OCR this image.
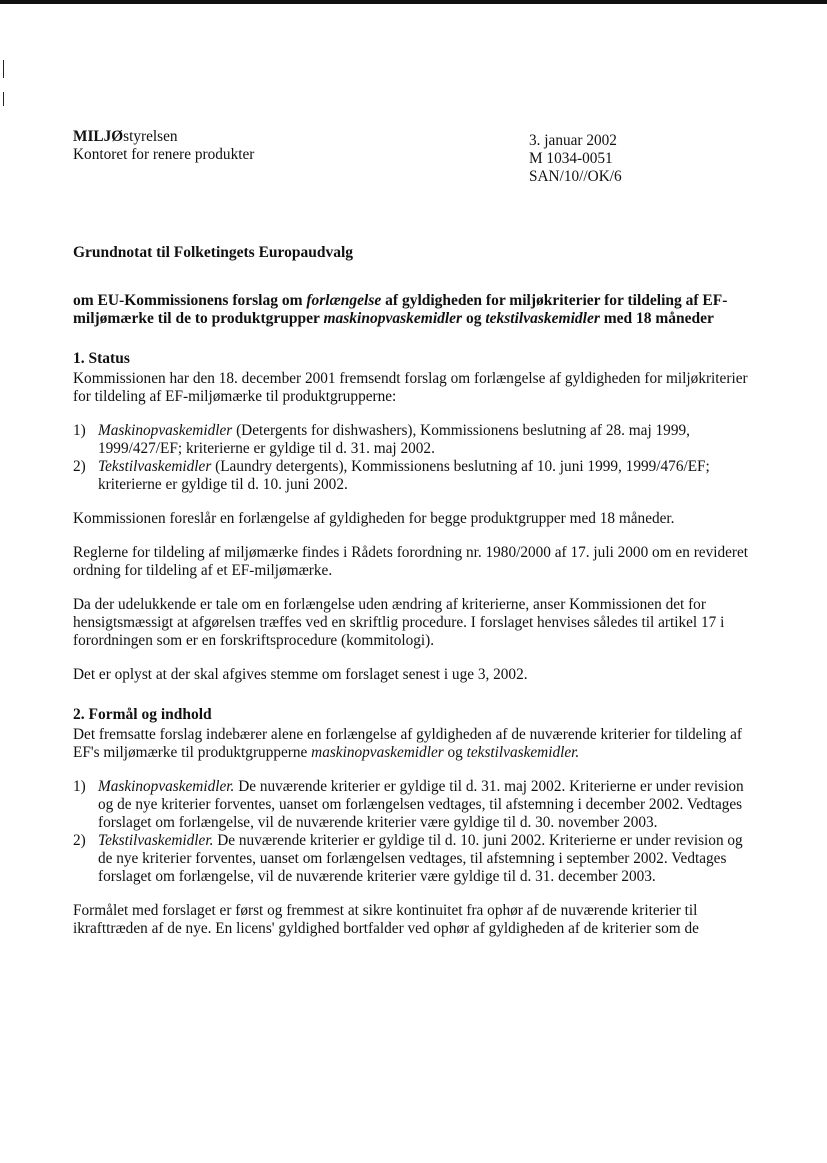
MILJØstyrelsen
Kontoret for renere produkter
3. januar 2002
M 1034-0051
SAN/10//OK/6
Grundnotat til Folketingets Europaudvalg
om EU-Kommissionens forslag om forlængelse af gyldigheden for miljøkriterier for tildeling af EF-miljømærke til de to produktgrupper maskinopvaskemidler og tekstilvaskemidler med 18 måneder
1. Status

Kommissionen har den 18. december 2001 fremsendt forslag om forlængelse af gyldigheden for miljøkriterier for tildeling af EF-miljømærke til produktgrupperne:

1) Maskinopvaskemidler (Detergents for dishwashers), Kommissionens beslutning af 28. maj 1999, 1999/427/EF; kriterierne er gyldige til d. 31. maj 2002.
2) Tekstilvaskemidler (Laundry detergents), Kommissionens beslutning af 10. juni 1999, 1999/476/EF; kriterierne er gyldige til d. 10. juni 2002.

Kommissionen foreslår en forlængelse af gyldigheden for begge produktgrupper med 18 måneder.

Reglerne for tildeling af miljømærke findes i Rådets forordning nr. 1980/2000 af 17. juli 2000 om en revideret ordning for tildeling af et EF-miljømærke.

Da der udelukkende er tale om en forlængelse uden ændring af kriterierne, anser Kommissionen det for hensigtsmæssigt at afgørelsen træffes ved en skriftlig procedure. I forslaget henvises således til artikel 17 i forordningen som er en forskriftsprocedure (kommitologi).

Det er oplyst at der skal afgives stemme om forslaget senest i uge 3, 2002.

2. Formål og indhold

Det fremsatte forslag indebærer alene en forlængelse af gyldigheden af de nuværende kriterier for tildeling af EF's miljømærke til produktgrupperne maskinopvaskemidler og tekstilvaskemidler.

1) Maskinopvaskemidler. De nuværende kriterier er gyldige til d. 31. maj 2002. Kriterierne er under revision og de nye kriterier forventes, uanset om forlængelsen vedtages, til afstemning i december 2002. Vedtages forslaget om forlængelse, vil de nuværende kriterier være gyldige til d. 30. november 2003.
2) Tekstilvaskemidler. De nuværende kriterier er gyldige til d. 10. juni 2002. Kriterierne er under revision og de nye kriterier forventes, uanset om forlængelsen vedtages, til afstemning i september 2002. Vedtages forslaget om forlængelse, vil de nuværende kriterier være gyldige til d. 31. december 2003.

Formålet med forslaget er først og fremmest at sikre kontinuitet fra ophør af de nuværende kriterier til ikrafttræden af de nye. En licens' gyldighed bortfalder ved ophør af gyldigheden af de kriterier som de
